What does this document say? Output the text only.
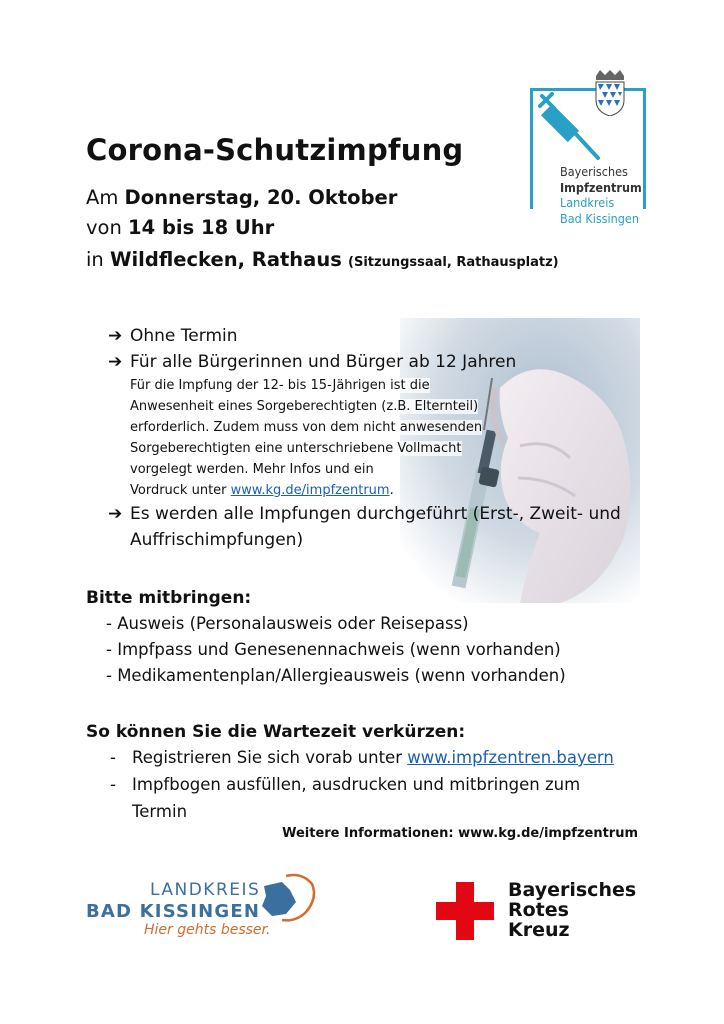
Bayerisches
Impfzentrum
Landkreis
Bad Kissingen
Corona-Schutzimpfung
Am Donnerstag, 20. Oktober
von 14 bis 18 Uhr
in Wildflecken, Rathaus (Sitzungssaal, Rathausplatz)
➔ Ohne Termin
➔ Für alle Bürgerinnen und Bürger ab 12 Jahren
Für die Impfung der 12- bis 15-Jährigen ist die
Anwesenheit eines Sorgeberechtigten (z.B. Elternteil)
erforderlich. Zudem muss von dem nicht anwesenden
Sorgeberechtigten eine unterschriebene Vollmacht
vorgelegt werden. Mehr Infos und ein
Vordruck unter www.kg.de/impfzentrum.
➔ Es werden alle Impfungen durchgeführt (Erst-, Zweit- und
Auffrischimpfungen)
Bitte mitbringen:
- Ausweis (Personalausweis oder Reisepass)
- Impfpass und Genesenennachweis (wenn vorhanden)
- Medikamentenplan/Allergieausweis (wenn vorhanden)
So können Sie die Wartezeit verkürzen:
- Registrieren Sie sich vorab unter www.impfzentren.bayern
- Impfbogen ausfüllen, ausdrucken und mitbringen zum
Termin
Weitere Informationen: www.kg.de/impfzentrum
LANDKREIS
BAD KISSINGEN
Hier gehts besser.
Bayerisches
Rotes
Kreuz
